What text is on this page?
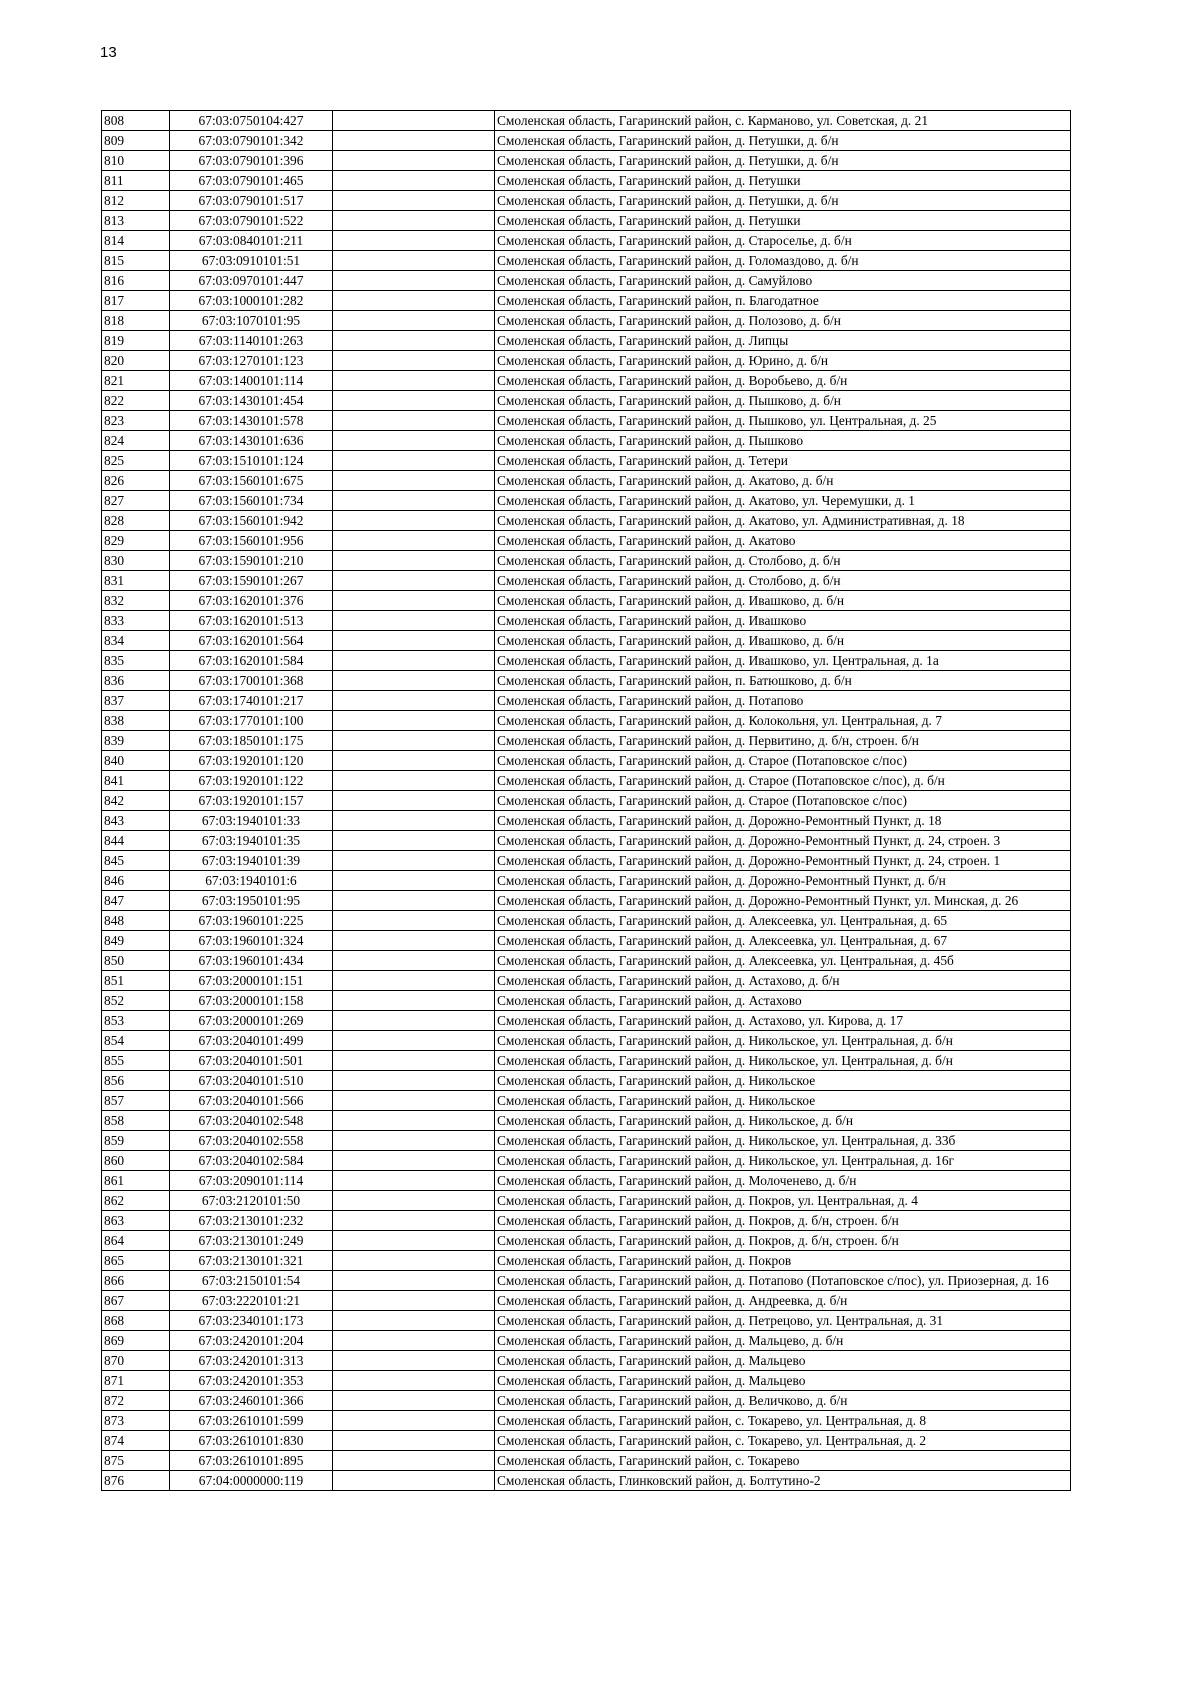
13
808	67:03:0750104:427		Смоленская область, Гагаринский район, с. Карманово, ул. Советская, д. 21
809	67:03:0790101:342		Смоленская область, Гагаринский район, д. Петушки, д. б/н
810	67:03:0790101:396		Смоленская область, Гагаринский район, д. Петушки, д. б/н
811	67:03:0790101:465		Смоленская область, Гагаринский район, д. Петушки
812	67:03:0790101:517		Смоленская область, Гагаринский район, д. Петушки, д. б/н
813	67:03:0790101:522		Смоленская область, Гагаринский район, д. Петушки
814	67:03:0840101:211		Смоленская область, Гагаринский район, д. Староселье, д. б/н
815	67:03:0910101:51		Смоленская область, Гагаринский район, д. Голомаздово, д. б/н
816	67:03:0970101:447		Смоленская область, Гагаринский район, д. Самуйлово
817	67:03:1000101:282		Смоленская область, Гагаринский район, п. Благодатное
818	67:03:1070101:95		Смоленская область, Гагаринский район, д. Полозово, д. б/н
819	67:03:1140101:263		Смоленская область, Гагаринский район, д. Липцы
820	67:03:1270101:123		Смоленская область, Гагаринский район, д. Юрино, д. б/н
821	67:03:1400101:114		Смоленская область, Гагаринский район, д. Воробьево, д. б/н
822	67:03:1430101:454		Смоленская область, Гагаринский район, д. Пышково, д. б/н
823	67:03:1430101:578		Смоленская область, Гагаринский район, д. Пышково, ул. Центральная, д. 25
824	67:03:1430101:636		Смоленская область, Гагаринский район, д. Пышково
825	67:03:1510101:124		Смоленская область, Гагаринский район, д. Тетери
826	67:03:1560101:675		Смоленская область, Гагаринский район, д. Акатово, д. б/н
827	67:03:1560101:734		Смоленская область, Гагаринский район, д. Акатово, ул. Черемушки, д. 1
828	67:03:1560101:942		Смоленская область, Гагаринский район, д. Акатово, ул. Административная, д. 18
829	67:03:1560101:956		Смоленская область, Гагаринский район, д. Акатово
830	67:03:1590101:210		Смоленская область, Гагаринский район, д. Столбово, д. б/н
831	67:03:1590101:267		Смоленская область, Гагаринский район, д. Столбово, д. б/н
832	67:03:1620101:376		Смоленская область, Гагаринский район, д. Ивашково, д. б/н
833	67:03:1620101:513		Смоленская область, Гагаринский район, д. Ивашково
834	67:03:1620101:564		Смоленская область, Гагаринский район, д. Ивашково, д. б/н
835	67:03:1620101:584		Смоленская область, Гагаринский район, д. Ивашково, ул. Центральная, д. 1а
836	67:03:1700101:368		Смоленская область, Гагаринский район, п. Батюшково, д. б/н
837	67:03:1740101:217		Смоленская область, Гагаринский район, д. Потапово
838	67:03:1770101:100		Смоленская область, Гагаринский район, д. Колокольня, ул. Центральная, д. 7
839	67:03:1850101:175		Смоленская область, Гагаринский район, д. Первитино, д. б/н, строен. б/н
840	67:03:1920101:120		Смоленская область, Гагаринский район, д. Старое (Потаповское с/пос)
841	67:03:1920101:122		Смоленская область, Гагаринский район, д. Старое (Потаповское с/пос), д. б/н
842	67:03:1920101:157		Смоленская область, Гагаринский район, д. Старое (Потаповское с/пос)
843	67:03:1940101:33		Смоленская область, Гагаринский район, д. Дорожно-Ремонтный Пункт, д. 18
844	67:03:1940101:35		Смоленская область, Гагаринский район, д. Дорожно-Ремонтный Пункт, д. 24, строен. 3
845	67:03:1940101:39		Смоленская область, Гагаринский район, д. Дорожно-Ремонтный Пункт, д. 24, строен. 1
846	67:03:1940101:6		Смоленская область, Гагаринский район, д. Дорожно-Ремонтный Пункт, д. б/н
847	67:03:1950101:95		Смоленская область, Гагаринский район, д. Дорожно-Ремонтный Пункт, ул. Минская, д. 26
848	67:03:1960101:225		Смоленская область, Гагаринский район, д. Алексеевка, ул. Центральная, д. 65
849	67:03:1960101:324		Смоленская область, Гагаринский район, д. Алексеевка, ул. Центральная, д. 67
850	67:03:1960101:434		Смоленская область, Гагаринский район, д. Алексеевка, ул. Центральная, д. 45б
851	67:03:2000101:151		Смоленская область, Гагаринский район, д. Астахово, д. б/н
852	67:03:2000101:158		Смоленская область, Гагаринский район, д. Астахово
853	67:03:2000101:269		Смоленская область, Гагаринский район, д. Астахово, ул. Кирова, д. 17
854	67:03:2040101:499		Смоленская область, Гагаринский район, д. Никольское, ул. Центральная, д. б/н
855	67:03:2040101:501		Смоленская область, Гагаринский район, д. Никольское, ул. Центральная, д. б/н
856	67:03:2040101:510		Смоленская область, Гагаринский район, д. Никольское
857	67:03:2040101:566		Смоленская область, Гагаринский район, д. Никольское
858	67:03:2040102:548		Смоленская область, Гагаринский район, д. Никольское, д. б/н
859	67:03:2040102:558		Смоленская область, Гагаринский район, д. Никольское, ул. Центральная, д. 33б
860	67:03:2040102:584		Смоленская область, Гагаринский район, д. Никольское, ул. Центральная, д. 16г
861	67:03:2090101:114		Смоленская область, Гагаринский район, д. Молоченево, д. б/н
862	67:03:2120101:50		Смоленская область, Гагаринский район, д. Покров, ул. Центральная, д. 4
863	67:03:2130101:232		Смоленская область, Гагаринский район, д. Покров, д. б/н, строен. б/н
864	67:03:2130101:249		Смоленская область, Гагаринский район, д. Покров, д. б/н, строен. б/н
865	67:03:2130101:321		Смоленская область, Гагаринский район, д. Покров
866	67:03:2150101:54		Смоленская область, Гагаринский район, д. Потапово (Потаповское с/пос), ул. Приозерная, д. 16
867	67:03:2220101:21		Смоленская область, Гагаринский район, д. Андреевка, д. б/н
868	67:03:2340101:173		Смоленская область, Гагаринский район, д. Петрецово, ул. Центральная, д. 31
869	67:03:2420101:204		Смоленская область, Гагаринский район, д. Мальцево, д. б/н
870	67:03:2420101:313		Смоленская область, Гагаринский район, д. Мальцево
871	67:03:2420101:353		Смоленская область, Гагаринский район, д. Мальцево
872	67:03:2460101:366		Смоленская область, Гагаринский район, д. Величково, д. б/н
873	67:03:2610101:599		Смоленская область, Гагаринский район, с. Токарево, ул. Центральная, д. 8
874	67:03:2610101:830		Смоленская область, Гагаринский район, с. Токарево, ул. Центральная, д. 2
875	67:03:2610101:895		Смоленская область, Гагаринский район, с. Токарево
876	67:04:0000000:119		Смоленская область, Глинковский район, д. Болтутино-2
